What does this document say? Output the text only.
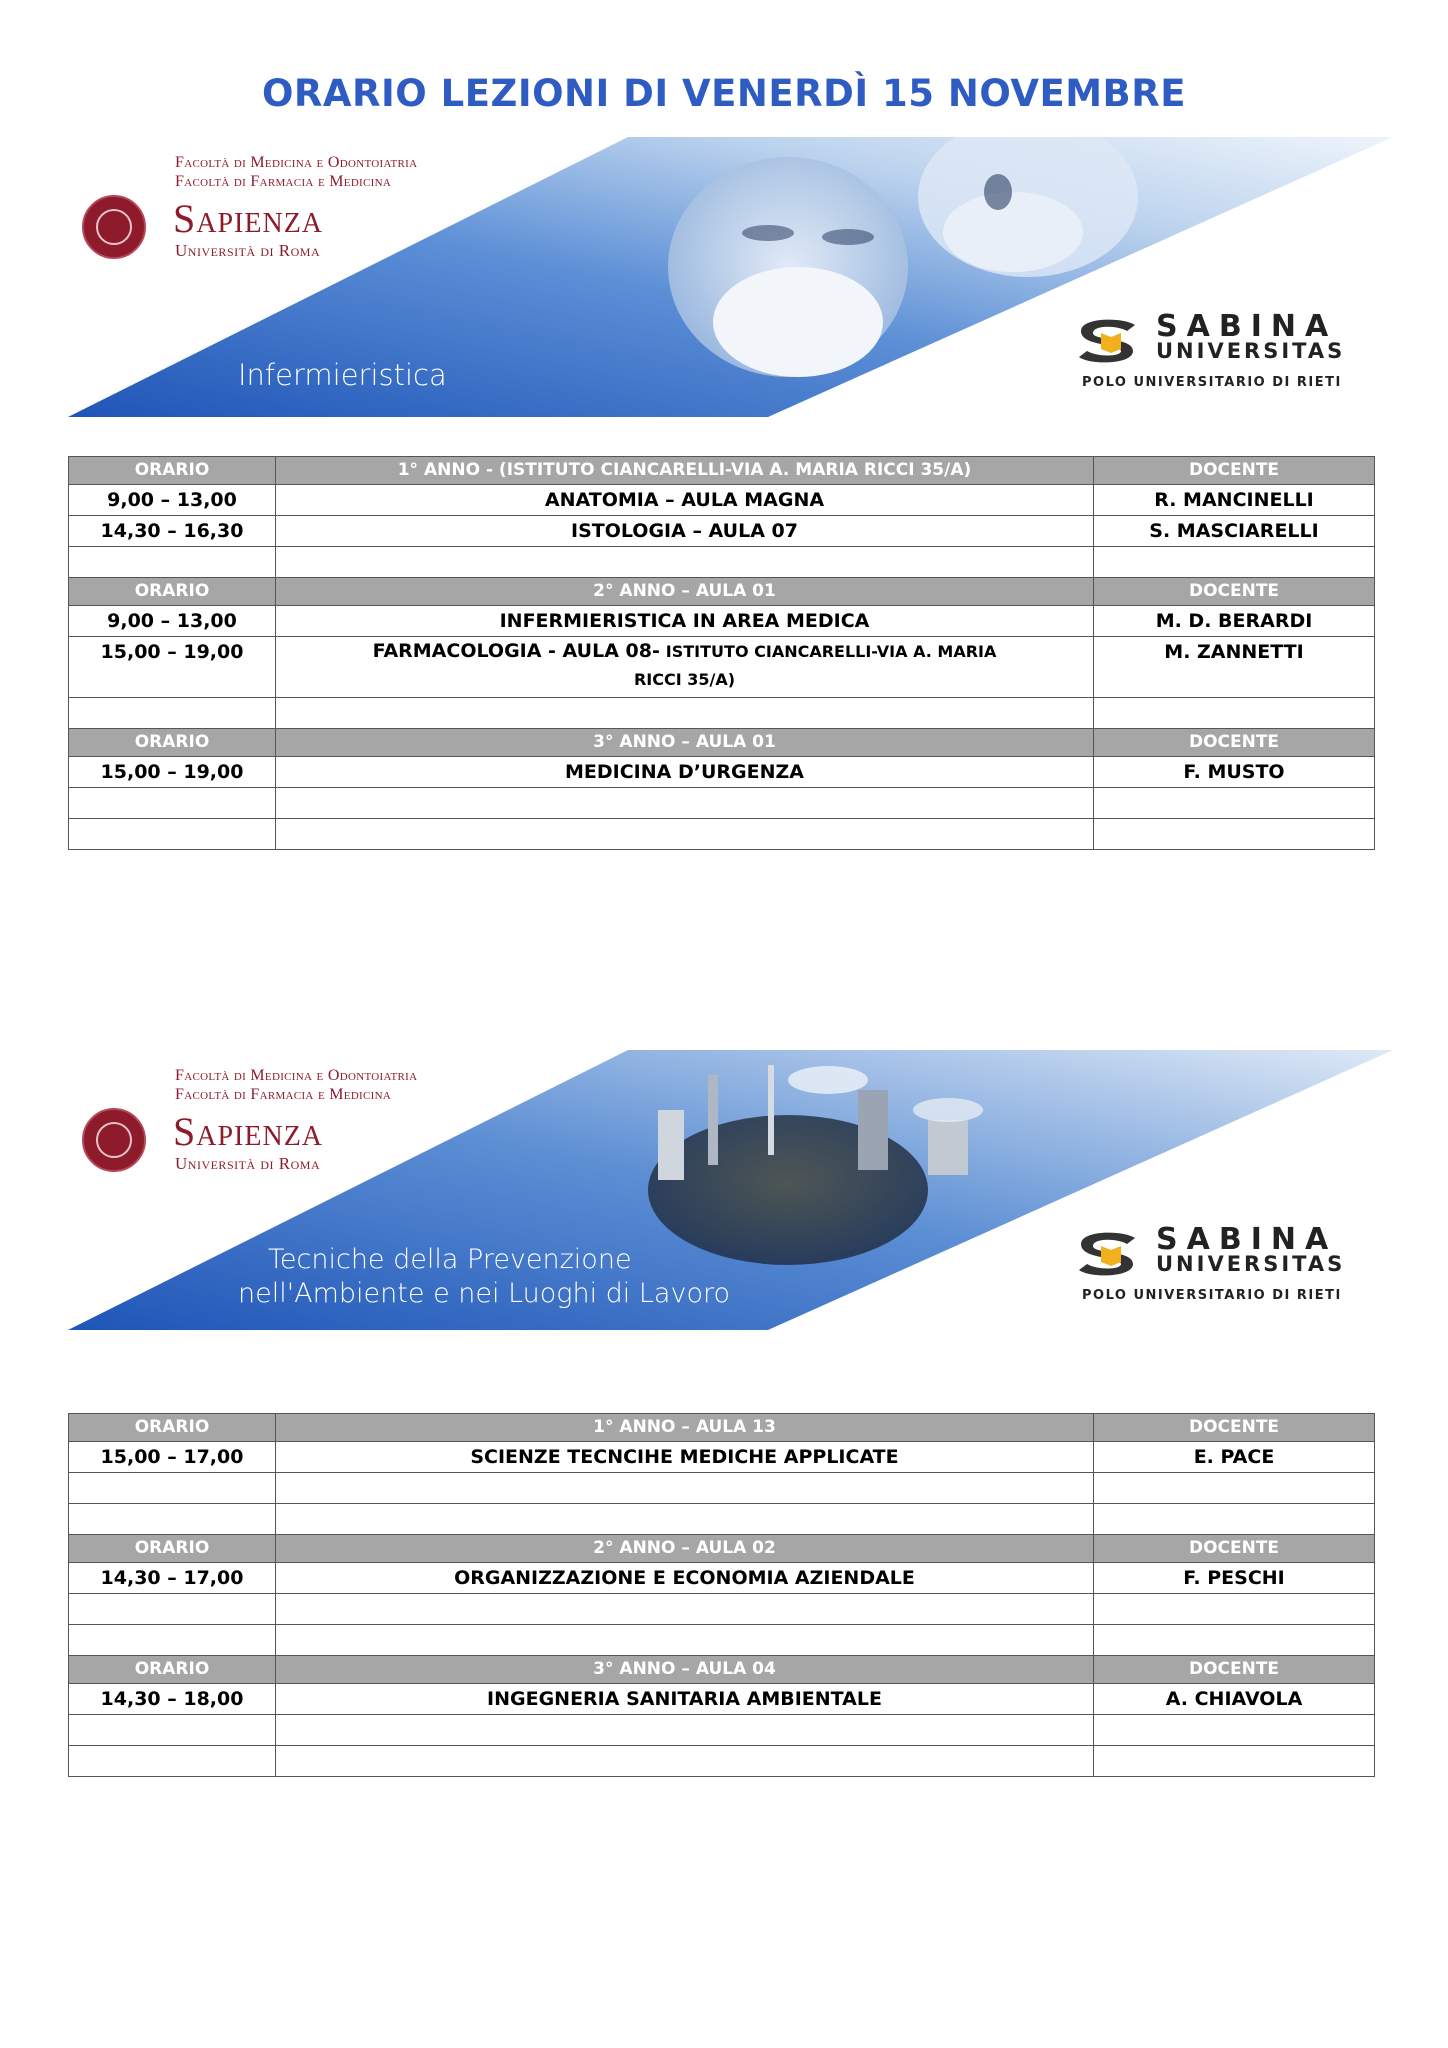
ORARIO LEZIONI DI VENERDÌ 15 NOVEMBRE
Facoltà di Medicina e Odontoiatria
Facoltà di Farmacia e Medicina
Sapienza
Università di Roma
Infermieristica
SABINA
UNIVERSITAS
POLO UNIVERSITARIO DI RIETI
ORARIO	1° ANNO - (ISTITUTO CIANCARELLI-VIA A. MARIA RICCI 35/A)	DOCENTE
9,00 – 13,00	ANATOMIA – AULA MAGNA	R. MANCINELLI
14,30 – 16,30	ISTOLOGIA – AULA 07	S. MASCIARELLI

ORARIO	2° ANNO – AULA 01	DOCENTE
9,00 – 13,00	INFERMIERISTICA IN AREA MEDICA	M. D. BERARDI
15,00 – 19,00	FARMACOLOGIA - AULA 08- ISTITUTO CIANCARELLI-VIA A. MARIA
RICCI 35/A)	M. ZANNETTI

ORARIO	3° ANNO – AULA 01	DOCENTE
15,00 – 19,00	MEDICINA D’URGENZA	F. MUSTO

Facoltà di Medicina e Odontoiatria
Facoltà di Farmacia e Medicina
Sapienza
Università di Roma
Tecniche della Prevenzione
nell'Ambiente e nei Luoghi di Lavoro
SABINA
UNIVERSITAS
POLO UNIVERSITARIO DI RIETI
ORARIO	1° ANNO – AULA 13	DOCENTE
15,00 – 17,00	SCIENZE TECNCIHE MEDICHE APPLICATE	E. PACE

ORARIO	2° ANNO – AULA 02	DOCENTE
14,30 – 17,00	ORGANIZZAZIONE E ECONOMIA AZIENDALE	F. PESCHI

ORARIO	3° ANNO – AULA 04	DOCENTE
14,30 – 18,00	INGEGNERIA SANITARIA AMBIENTALE	A. CHIAVOLA
